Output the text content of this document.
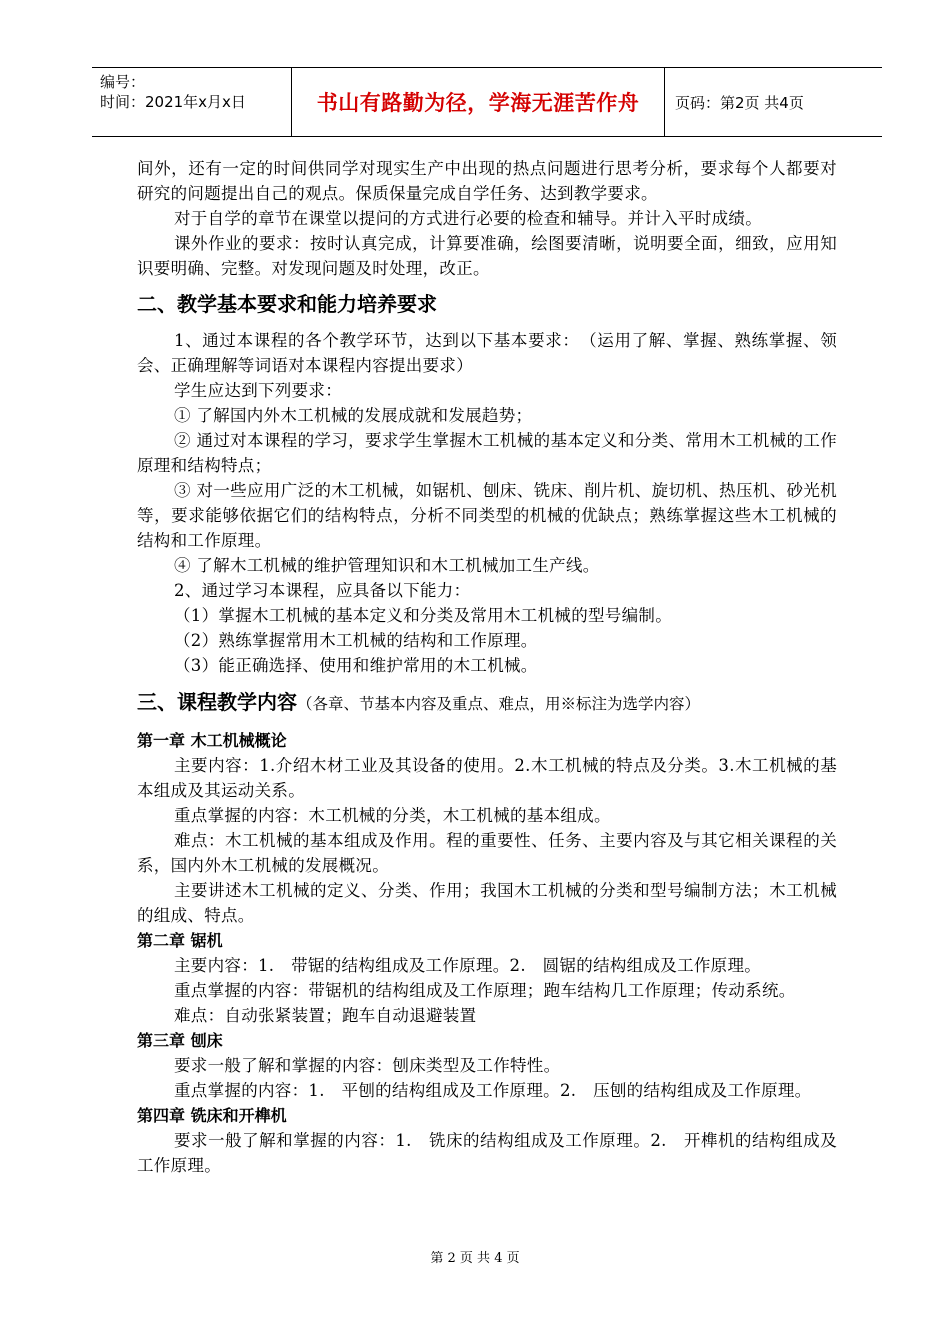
编号：
时间：2021年x月x日	书山有路勤为径，学海无涯苦作舟	页码：第2页 共4页

间外，还有一定的时间供同学对现实生产中出现的热点问题进行思考分析，要求每个人都要对研究的问题提出自己的观点。保质保量完成自学任务、达到教学要求。

对于自学的章节在课堂以提问的方式进行必要的检查和辅导。并计入平时成绩。

课外作业的要求：按时认真完成，计算要准确，绘图要清晰，说明要全面，细致，应用知识要明确、完整。对发现问题及时处理，改正。

二、教学基本要求和能力培养要求

1、通过本课程的各个教学环节，达到以下基本要求：　（运用了解、掌握、熟练掌握、领会、正确理解等词语对本课程内容提出要求）

学生应达到下列要求：

① 了解国内外木工机械的发展成就和发展趋势；

② 通过对本课程的学习，要求学生掌握木工机械的基本定义和分类、常用木工机械的工作原理和结构特点；

③ 对一些应用广泛的木工机械，如锯机、刨床、铣床、削片机、旋切机、热压机、砂光机等，要求能够依据它们的结构特点，分析不同类型的机械的优缺点；熟练掌握这些木工机械的结构和工作原理。

④ 了解木工机械的维护管理知识和木工机械加工生产线。

2、通过学习本课程，应具备以下能力：

（1）掌握木工机械的基本定义和分类及常用木工机械的型号编制。

（2）熟练掌握常用木工机械的结构和工作原理。

（3）能正确选择、使用和维护常用的木工机械。

三、课程教学内容（各章、节基本内容及重点、难点，用※标注为选学内容）
第一章 木工机械概论

主要内容：1.介绍木材工业及其设备的使用。2.木工机械的特点及分类。3.木工机械的基本组成及其运动关系。

重点掌握的内容：木工机械的分类，木工机械的基本组成。

难点：木工机械的基本组成及作用。程的重要性、任务、主要内容及与其它相关课程的关系，国内外木工机械的发展概况。

主要讲述木工机械的定义、分类、作用；我国木工机械的分类和型号编制方法；木工机械的组成、特点。

第二章 锯机

主要内容：1.　带锯的结构组成及工作原理。2.　圆锯的结构组成及工作原理。

重点掌握的内容：带锯机的结构组成及工作原理；跑车结构几工作原理；传动系统。

难点：自动张紧装置；跑车自动退避装置

第三章 刨床

要求一般了解和掌握的内容：刨床类型及工作特性。

重点掌握的内容：1.　平刨的结构组成及工作原理。2.　压刨的结构组成及工作原理。

第四章 铣床和开榫机

要求一般了解和掌握的内容：1.　铣床的结构组成及工作原理。2.　开榫机的结构组成及工作原理。

第 2 页 共 4 页
